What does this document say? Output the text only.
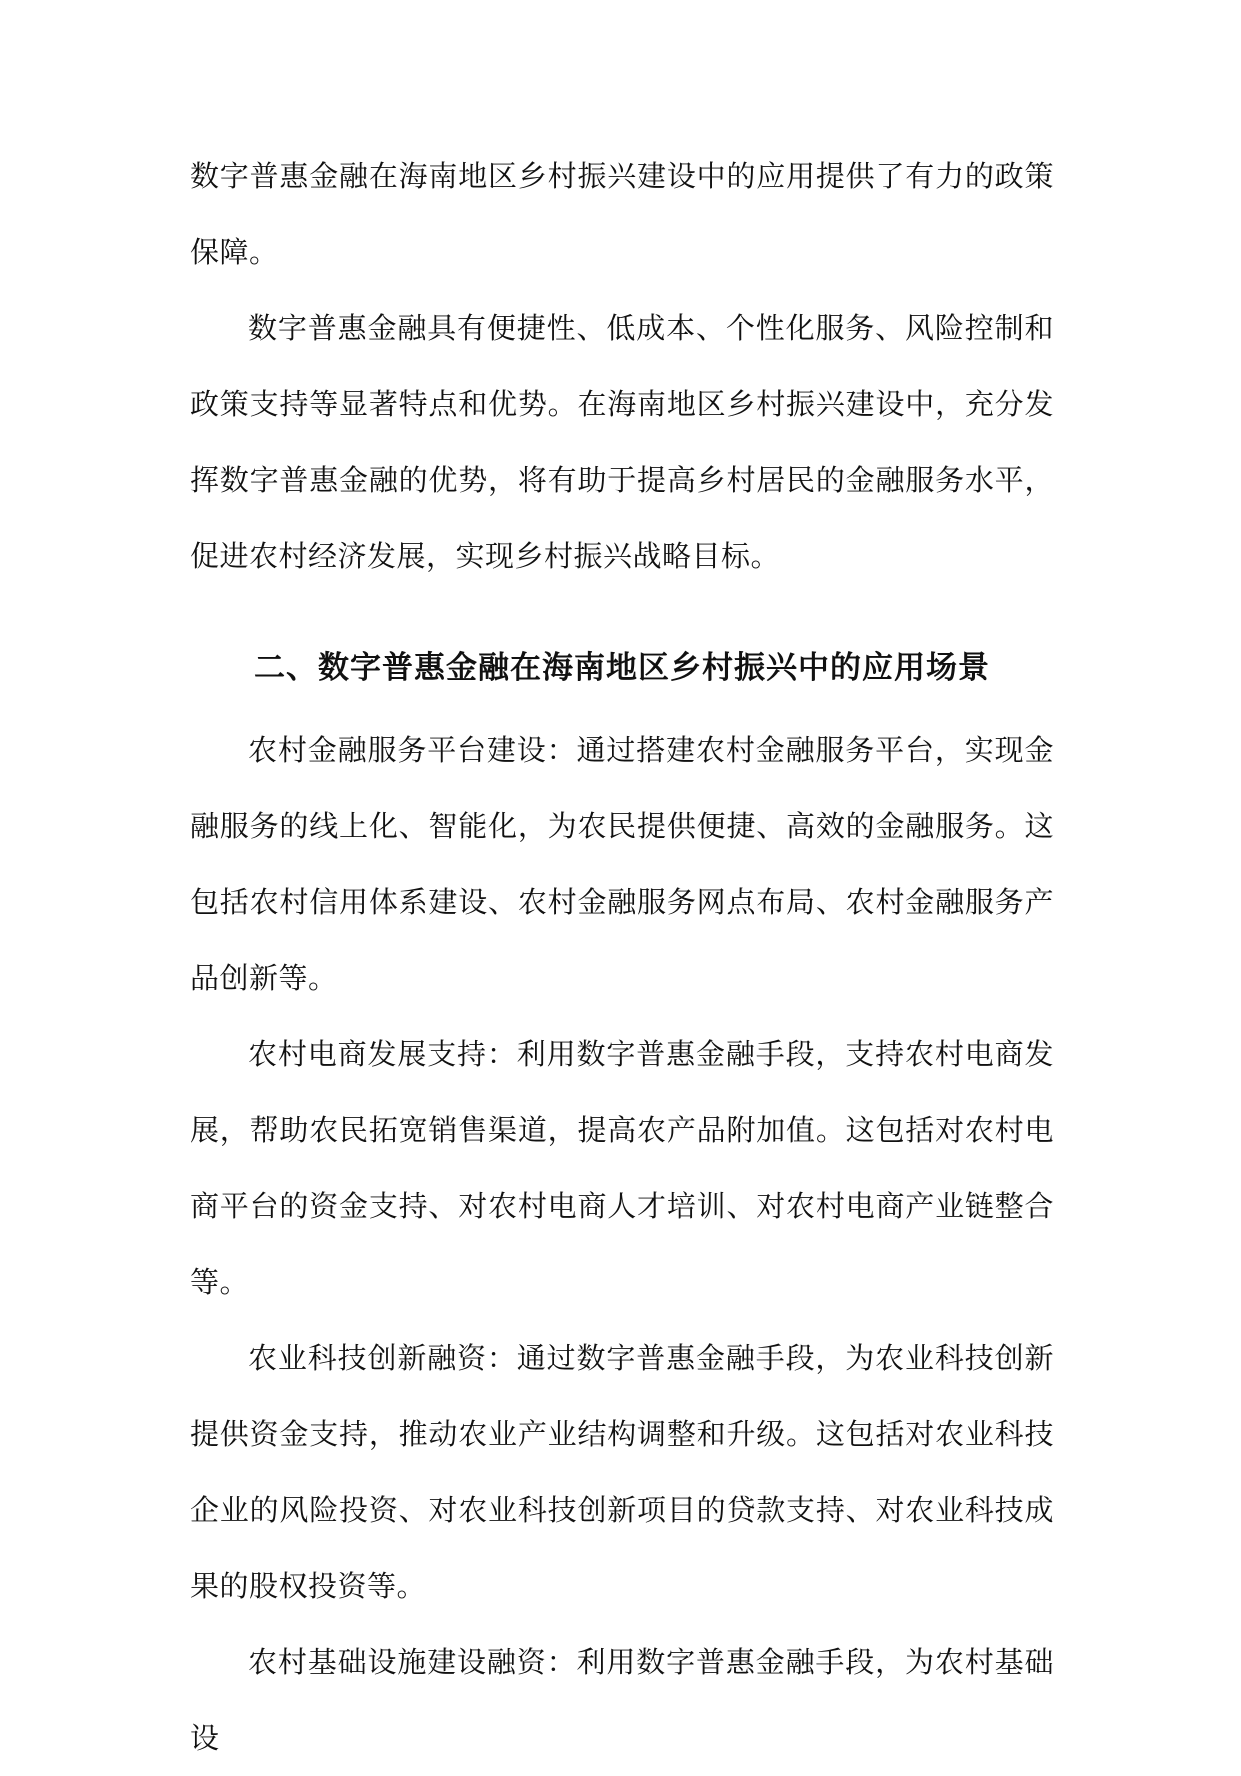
数字普惠金融在海南地区乡村振兴建设中的应用提供了有力的政策保障。

数字普惠金融具有便捷性、低成本、个性化服务、风险控制和政策支持等显著特点和优势。在海南地区乡村振兴建设中，充分发挥数字普惠金融的优势，将有助于提高乡村居民的金融服务水平，促进农村经济发展，实现乡村振兴战略目标。

二、数字普惠金融在海南地区乡村振兴中的应用场景

农村金融服务平台建设：通过搭建农村金融服务平台，实现金融服务的线上化、智能化，为农民提供便捷、高效的金融服务。这包括农村信用体系建设、农村金融服务网点布局、农村金融服务产品创新等。

农村电商发展支持：利用数字普惠金融手段，支持农村电商发展，帮助农民拓宽销售渠道，提高农产品附加值。这包括对农村电商平台的资金支持、对农村电商人才培训、对农村电商产业链整合等。

农业科技创新融资：通过数字普惠金融手段，为农业科技创新提供资金支持，推动农业产业结构调整和升级。这包括对农业科技企业的风险投资、对农业科技创新项目的贷款支持、对农业科技成果的股权投资等。

农村基础设施建设融资：利用数字普惠金融手段，为农村基础设
